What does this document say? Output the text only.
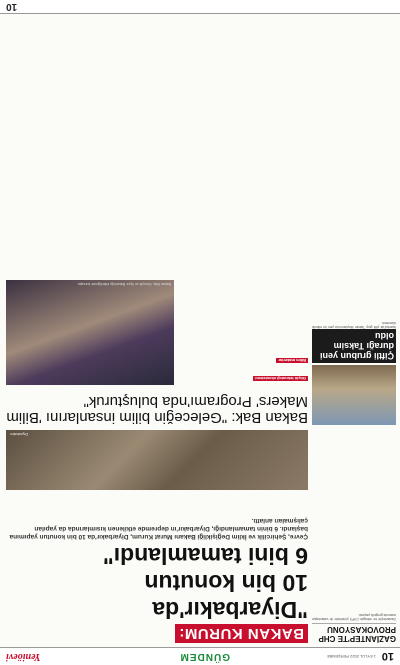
10
1 EYLÜL 2022 PERŞEMBE
GÜNDEM
Yeniöevi
GAZİANTEP'TE CHP PROVOKASYONU
Gaziantep'te bir mitingde CHP'li yöneticiler ile vatandaşlar arasında gerginlik yaşandı.
BAKAN KURUM:
"Diyarbakır'da
10 bin konutun
6 bini tamamlandı"
Çevre, Şehircilik ve İklim Değişikliği Bakanı Murat Kurum, Diyarbakır'da 10 bin konutun yapımına başlandı. 6 binin tamamlandığı, Diyarbakır'ın depremde etkilenen kısımlarında da yapılan çalışmaları anlattı.
Diyarbakır
Çiftli grubun yeni durağı Taksim oldu
İstanbul'da çiftli grup Taksim Meydanı'nda yeni bir etkinlik düzenledi.
Bakan Bak: "Geleceğin bilim insanlarını 'Bilim Makers' Programı'nda buluşturuk"
Güçlü teknoloji ekosistemi
Bilim makerlar
Bakan Bak, Gençlik ve Spor Bakanlığı etkinliğinde konuştu.
10
